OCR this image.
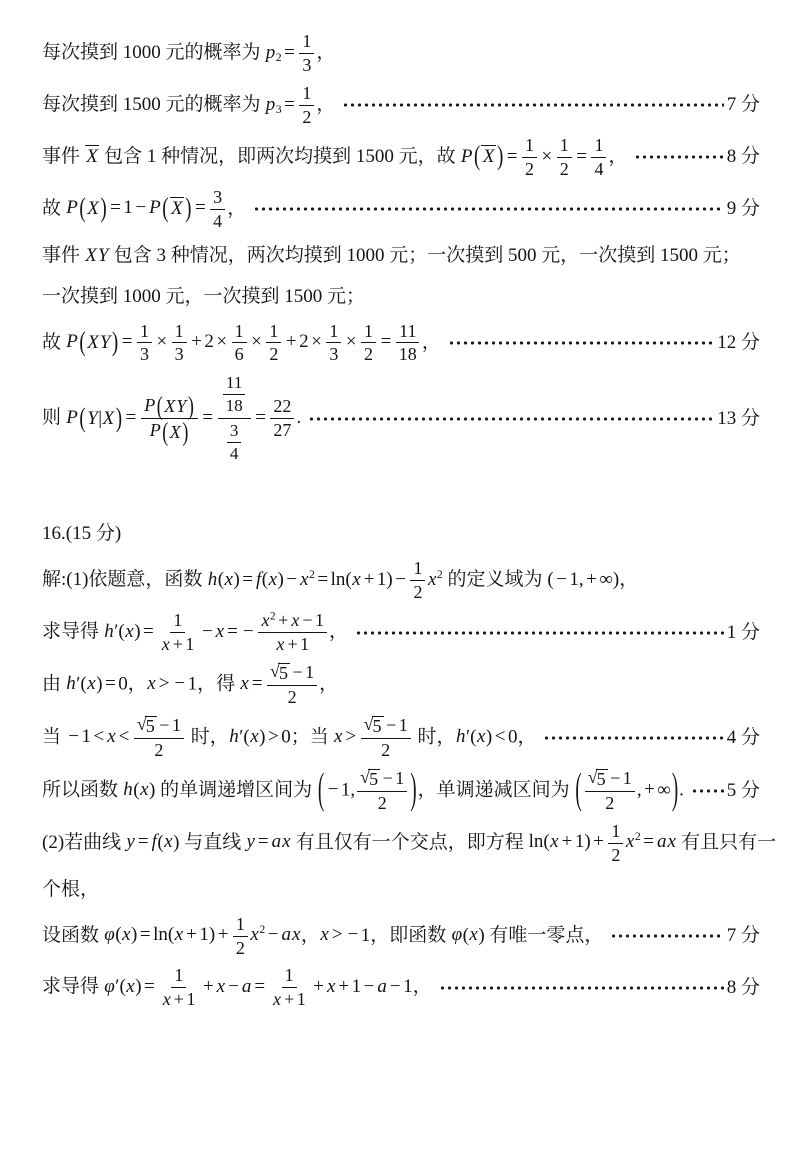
每次摸到 1000 元的概率为 $p_2 = \frac{1}{3}$ ，
每次摸到 1500 元的概率为 $p_3 = \frac{1}{2}$ ，	7 分
事件 X 包含 1 种情况，即两次均摸到 1500 元，故 P ( X ) = $\frac{1}{2} \times \frac{1}{2} = \frac{1}{4}$ ，	8 分
故 P ( X ) = 1 − P ( X ) = $\frac{3}{4}$ ，	9 分
事件 XY 包含 3 种情况，两次均摸到 1000 元；一次摸到 500 元，一次摸到 1500 元；
一次摸到 1000 元，一次摸到 1500 元；
故 P ( XY ) = $\frac{1}{3} \times \frac{1}{3} + 2 \times \frac{1}{6} \times \frac{1}{2} + 2 \times \frac{1}{3} \times \frac{1}{2} = \frac{11}{18}$ ，	12 分
则 P ( Y|X ) = $\frac{P ( XY )}{P ( X )} = \frac{\frac{11}{18}}{\frac{3}{4}} = \frac{22}{27}$ .	13 分
16.(15 分)
解:(1)依题意，函数 $h(x) = f(x) - x^2 = \ln(x + 1) - \frac{1}{2} x^2$ 的定义域为 ( − 1, + ∞)，
求导得 $h'(x) = \frac{1}{x + 1} - x$ = − $\frac{x^2 + x - 1}{x + 1}$ ，	1 分
由 h′(x) = 0，x > − 1，得 $x = \frac{√ 5 - 1}{2}$ ，
当 − $1 < x < \frac{√ 5 - 1}{2}$ 时，h′(x) > 0；当 $x > \frac{√ 5 - 1}{2}$ 时，h′(x) < 0，	4 分
所以函数 h(x) 的单调递增区间为 ( − 1, $\frac{√ 5 - 1}{2}$ ) ，单调递减区间为 ( $\frac{√ 5 - 1}{2}$ , + ∞ ) . 5 分
(2)若曲线 y = f(x) 与直线 y = ax 有且仅有一个交点，即方程 $\ln(x + 1) + \frac{1}{2} x^2$ = ax 有且只有一
个根，
设函数 $\varphi(x) = \ln(x + 1) + \frac{1}{2} x^2$ − ax，x > − 1，即函数 φ(x) 有唯一零点，	7 分
求导得 $\varphi'(x) = \frac{1}{x + 1} + x - a = \frac{1}{x + 1} + x + 1 - a - 1$，	8 分
